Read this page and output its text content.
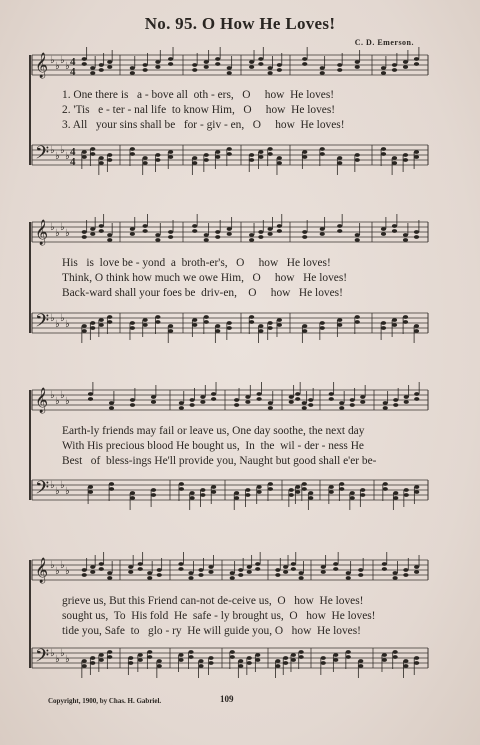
No. 95. O How He Loves!
C. D. Emerson.
𝄞 ♭
♭
♭
♭
𝄢 ♭
♭
♭
♭
𝄞 ♭
♭
♭
♭
𝄢 ♭
♭
♭
♭
𝄞 ♭
♭
♭
♭
𝄢 ♭
♭
♭
♭
𝄞 ♭
♭
♭
♭
𝄢 ♭
♭
♭
♭
4
4
4
4
1. One there is   a - bove all  oth - ers,   O     how  He loves!
2. 'Tis   e - ter - nal life  to know Him,   O     how  He loves!
3. All   your sins shall be   for - giv - en,   O     how  He loves!
His   is  love be - yond  a  broth-er's,   O     how   He loves!
Think, O think how much we owe Him,   O     how   He loves!
Back-ward shall your foes be  driv-en,    O     how   He loves!
Earth-ly friends may fail or leave us, One day soothe, the next day
With His precious blood He bought us,  In  the  wil - der - ness He
Best   of  bless-ings He'll provide you, Naught but good shall e'er be-
grieve us, But this Friend can-not de-ceive us,  O   how  He loves!
sought us,  To  His fold  He  safe - ly brought us,  O   how  He loves!
tide you, Safe  to   glo - ry  He will guide you, O   how  He loves!
Copyright, 1900, by Chas. H. Gabriel.	109
